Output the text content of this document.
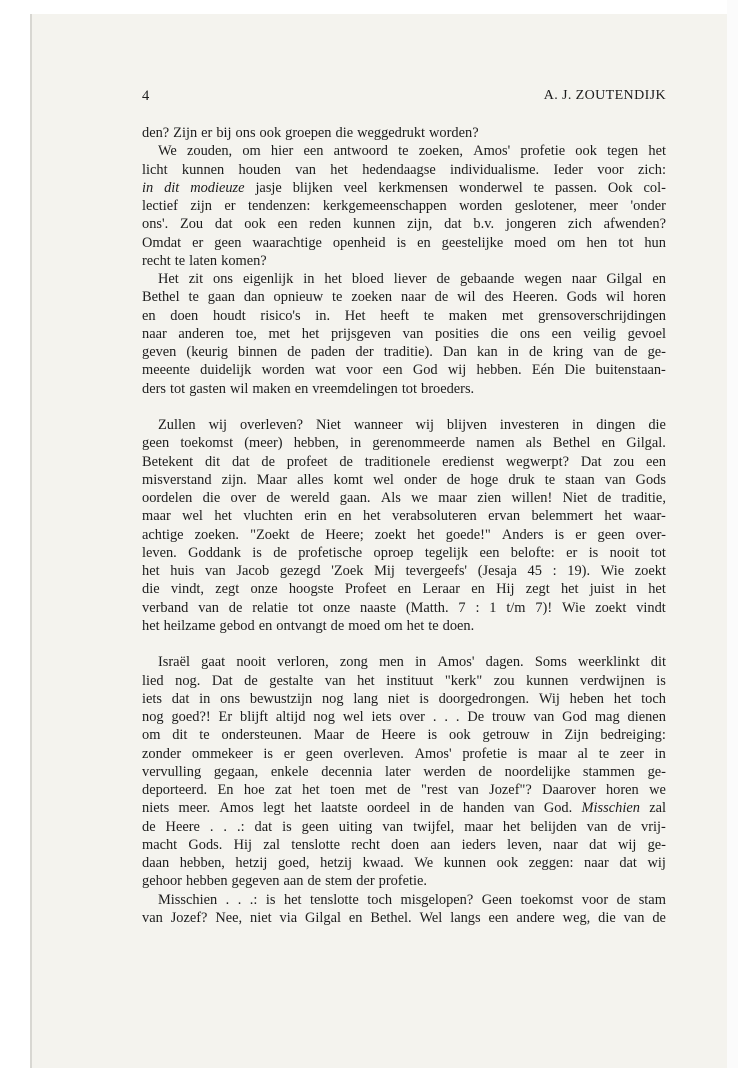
4	A. J. ZOUTENDIJK
den? Zijn er bij ons ook groepen die weggedrukt worden?
We zouden, om hier een antwoord te zoeken, Amos' profetie ook tegen het
licht kunnen houden van het hedendaagse individualisme. Ieder voor zich:
in dit modieuze jasje blijken veel kerkmensen wonderwel te passen. Ook col-
lectief zijn er tendenzen: kerkgemeenschappen worden geslotener, meer 'onder
ons'. Zou dat ook een reden kunnen zijn, dat b.v. jongeren zich afwenden?
Omdat er geen waarachtige openheid is en geestelijke moed om hen tot hun
recht te laten komen?
Het zit ons eigenlijk in het bloed liever de gebaande wegen naar Gilgal en
Bethel te gaan dan opnieuw te zoeken naar de wil des Heeren. Gods wil horen
en doen houdt risico's in. Het heeft te maken met grensoverschrijdingen
naar anderen toe, met het prijsgeven van posities die ons een veilig gevoel
geven (keurig binnen de paden der traditie). Dan kan in de kring van de ge-
meeente duidelijk worden wat voor een God wij hebben. Eén Die buitenstaan-
ders tot gasten wil maken en vreemdelingen tot broeders.
Zullen wij overleven? Niet wanneer wij blijven investeren in dingen die
geen toekomst (meer) hebben, in gerenommeerde namen als Bethel en Gilgal.
Betekent dit dat de profeet de traditionele eredienst wegwerpt? Dat zou een
misverstand zijn. Maar alles komt wel onder de hoge druk te staan van Gods
oordelen die over de wereld gaan. Als we maar zien willen! Niet de traditie,
maar wel het vluchten erin en het verabsoluteren ervan belemmert het waar-
achtige zoeken. "Zoekt de Heere; zoekt het goede!" Anders is er geen over-
leven. Goddank is de profetische oproep tegelijk een belofte: er is nooit tot
het huis van Jacob gezegd 'Zoek Mij tevergeefs' (Jesaja 45 : 19). Wie zoekt
die vindt, zegt onze hoogste Profeet en Leraar en Hij zegt het juist in het
verband van de relatie tot onze naaste (Matth. 7 : 1 t/m 7)! Wie zoekt vindt
het heilzame gebod en ontvangt de moed om het te doen.
Israël gaat nooit verloren, zong men in Amos' dagen. Soms weerklinkt dit
lied nog. Dat de gestalte van het instituut "kerk" zou kunnen verdwijnen is
iets dat in ons bewustzijn nog lang niet is doorgedrongen. Wij heben het toch
nog goed?! Er blijft altijd nog wel iets over . . . De trouw van God mag dienen
om dit te ondersteunen. Maar de Heere is ook getrouw in Zijn bedreiging:
zonder ommekeer is er geen overleven. Amos' profetie is maar al te zeer in
vervulling gegaan, enkele decennia later werden de noordelijke stammen ge-
deporteerd. En hoe zat het toen met de "rest van Jozef"? Daarover horen we
niets meer. Amos legt het laatste oordeel in de handen van God. Misschien zal
de Heere . . .: dat is geen uiting van twijfel, maar het belijden van de vrij-
macht Gods. Hij zal tenslotte recht doen aan ieders leven, naar dat wij ge-
daan hebben, hetzij goed, hetzij kwaad. We kunnen ook zeggen: naar dat wij
gehoor hebben gegeven aan de stem der profetie.
Misschien . . .: is het tenslotte toch misgelopen? Geen toekomst voor de stam
van Jozef? Nee, niet via Gilgal en Bethel. Wel langs een andere weg, die van de
